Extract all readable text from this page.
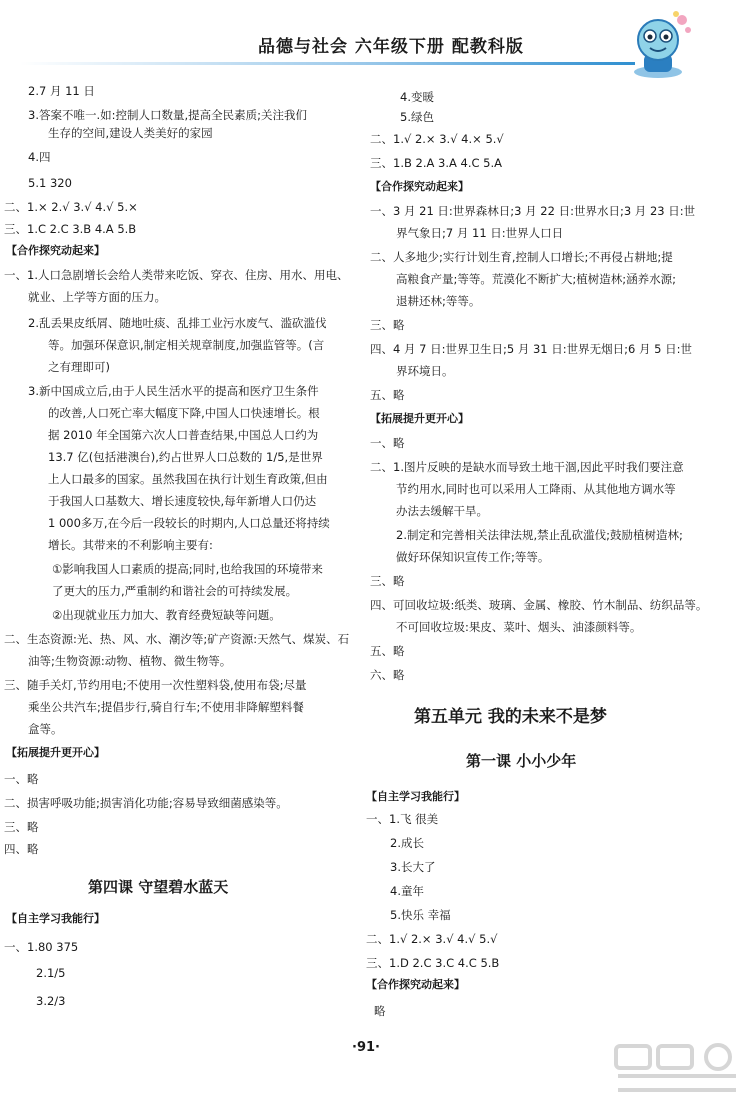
品德与社会 六年级下册 配教科版
2.7 月 11 日
3.答案不唯一.如:控制人口数量,提高全民素质;关注我们
生存的空间,建设人类美好的家园
4.四
5.1 320
二、1.× 2.√ 3.√ 4.√ 5.×
三、1.C 2.C 3.B 4.A 5.B
【合作探究动起来】
一、1.人口急剧增长会给人类带来吃饭、穿衣、住房、用水、用电、
就业、上学等方面的压力。
2.乱丢果皮纸屑、随地吐痰、乱排工业污水废气、滥砍滥伐
等。加强环保意识,制定相关规章制度,加强监管等。(言
之有理即可)
3.新中国成立后,由于人民生活水平的提高和医疗卫生条件
的改善,人口死亡率大幅度下降,中国人口快速增长。根
据 2010 年全国第六次人口普查结果,中国总人口约为
13.7 亿(包括港澳台),约占世界人口总数的 1/5,是世界
上人口最多的国家。虽然我国在执行计划生育政策,但由
于我国人口基数大、增长速度较快,每年新增人口仍达
1 000多万,在今后一段较长的时期内,人口总量还将持续
增长。其带来的不利影响主要有:
①影响我国人口素质的提高;同时,也给我国的环境带来
了更大的压力,严重制约和谐社会的可持续发展。
②出现就业压力加大、教育经费短缺等问题。
二、生态资源:光、热、风、水、潮汐等;矿产资源:天然气、煤炭、石
油等;生物资源:动物、植物、微生物等。
三、随手关灯,节约用电;不使用一次性塑料袋,使用布袋;尽量
乘坐公共汽车;提倡步行,骑自行车;不使用非降解塑料餐
盒等。
【拓展提升更开心】
一、略
二、损害呼吸功能;损害消化功能;容易导致细菌感染等。
三、略
四、略
第四课 守望碧水蓝天
【自主学习我能行】
一、1.80 375
2.1/5
3.2/3
4.变暖
5.绿色
二、1.√ 2.× 3.√ 4.× 5.√
三、1.B 2.A 3.A 4.C 5.A
【合作探究动起来】
一、3 月 21 日:世界森林日;3 月 22 日:世界水日;3 月 23 日:世
界气象日;7 月 11 日:世界人口日
二、人多地少;实行计划生育,控制人口增长;不再侵占耕地;提
高粮食产量;等等。荒漠化不断扩大;植树造林;涵养水源;
退耕还林;等等。
三、略
四、4 月 7 日:世界卫生日;5 月 31 日:世界无烟日;6 月 5 日:世
界环境日。
五、略
【拓展提升更开心】
一、略
二、1.图片反映的是缺水而导致土地干涸,因此平时我们要注意
节约用水,同时也可以采用人工降雨、从其他地方调水等
办法去缓解干旱。
2.制定和完善相关法律法规,禁止乱砍滥伐;鼓励植树造林;
做好环保知识宣传工作;等等。
三、略
四、可回收垃圾:纸类、玻璃、金属、橡胶、竹木制品、纺织品等。
不可回收垃圾:果皮、菜叶、烟头、油漆颜料等。
五、略
六、略
第五单元 我的未来不是梦
第一课 小小少年
【自主学习我能行】
一、1.飞 很美
2.成长
3.长大了
4.童年
5.快乐 幸福
二、1.√ 2.× 3.√ 4.√ 5.√
三、1.D 2.C 3.C 4.C 5.B
【合作探究动起来】
略
·91·
